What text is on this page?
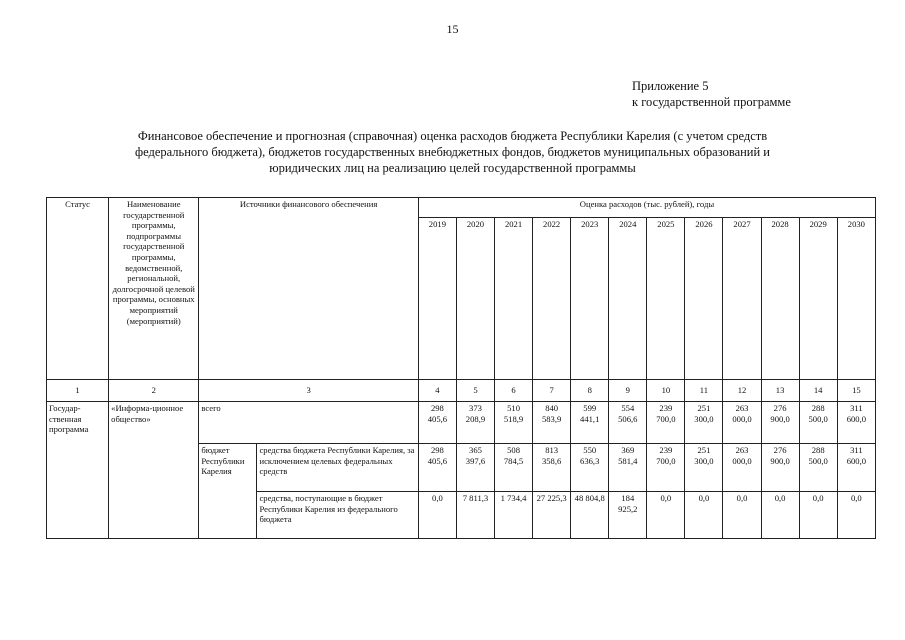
15
Приложение 5
к государственной программе
Финансовое обеспечение и прогнозная (справочная) оценка расходов бюджета Республики Карелия (с учетом средств
федерального бюджета), бюджетов государственных внебюджетных фондов, бюджетов муниципальных образований и
юридических лиц на реализацию целей государственной программы
Статус	Наименование государственной программы, подпрограммы государственной программы, ведомственной, региональной, долгосрочной целевой программы, основных мероприятий (мероприятий)	Источники финансового обеспечения		Оценка расходов (тыс. рублей), годы											
				2019	2020	2021	2022	2023	2024	2025	2026	2027	2028	2029	2030
1	2	3		4	5	6	7	8	9	10	11	12	13	14	15
Государ-ственная программа	«Информа-ционное общество»	всего		298 405,6	373 208,9	510 518,9	840 583,9	599 441,1	554 506,6	239 700,0	251 300,0	263 000,0	276 900,0	288 500,0	311 600,0
		бюджет Республики Карелия	средства бюджета Республики Карелия, за исключением целевых федеральных средств	298 405,6	365 397,6	508 784,5	813 358,6	550 636,3	369 581,4	239 700,0	251 300,0	263 000,0	276 900,0	288 500,0	311 600,0
			средства, поступающие в бюджет Республики Карелия из федерального бюджета	0,0	7 811,3	1 734,4	27 225,3	48 804,8	184 925,2	0,0	0,0	0,0	0,0	0,0	0,0
